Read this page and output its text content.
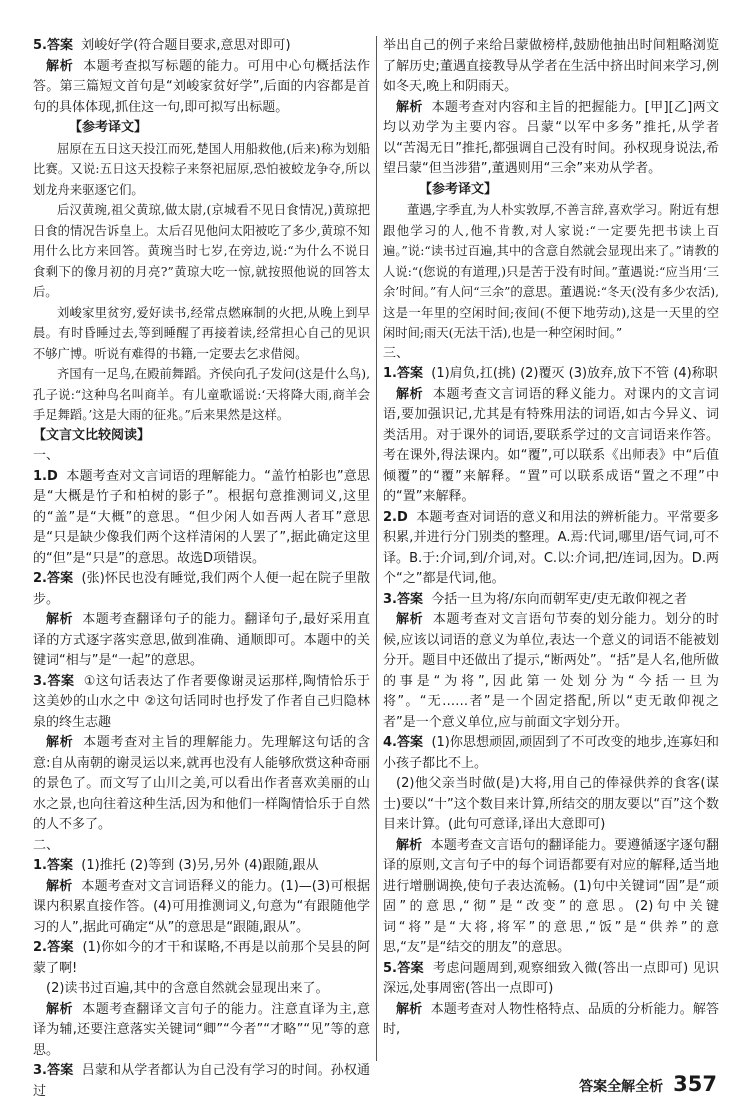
5.答案 刘峻好学(符合题目要求,意思对即可)
解析 本题考查拟写标题的能力。可用中心句概括法作答。第三篇短文首句是“刘峻家贫好学”,后面的内容都是首句的具体体现,抓住这一句,即可拟写出标题。
【参考译文】
屈原在五日这天投江而死,楚国人用船救他,(后来)称为划船比赛。又说:五日这天投粽子来祭祀屈原,恐怕被蛟龙争夺,所以划龙舟来驱逐它们。
后汉黄琬,祖父黄琼,做太尉,(京城看不见日食情况,)黄琼把日食的情况告诉皇上。太后召见他问太阳被吃了多少,黄琼不知用什么比方来回答。黄琬当时七岁,在旁边,说:“为什么不说日食剩下的像月初的月亮?”黄琼大吃一惊,就按照他说的回答太后。
刘峻家里贫穷,爱好读书,经常点燃麻制的火把,从晚上到早晨。有时昏睡过去,等到睡醒了再接着读,经常担心自己的见识不够广博。听说有难得的书籍,一定要去乞求借阅。
齐国有一足鸟,在殿前舞蹈。齐侯向孔子发问(这是什么鸟),孔子说:“这种鸟名叫商羊。有儿童歌谣说:‘天将降大雨,商羊会手足舞蹈。’这是大雨的征兆。”后来果然是这样。
【文言文比较阅读】
一、
1.D 本题考查对文言词语的理解能力。“盖竹柏影也”意思是“大概是竹子和柏树的影子”。根据句意推测词义,这里的“盖”是“大概”的意思。“但少闲人如吾两人者耳”意思是“只是缺少像我们两个这样清闲的人罢了”,据此确定这里的“但”是“只是”的意思。故选D项错误。
2.答案 (张)怀民也没有睡觉,我们两个人便一起在院子里散步。
解析 本题考查翻译句子的能力。翻译句子,最好采用直译的方式逐字落实意思,做到准确、通顺即可。本题中的关键词“相与”是“一起”的意思。
3.答案 ①这句话表达了作者要像谢灵运那样,陶情恰乐于这美妙的山水之中 ②这句话同时也抒发了作者自己归隐林泉的终生志趣
解析 本题考查对主旨的理解能力。先理解这句话的含意:自从南朝的谢灵运以来,就再也没有人能够欣赏这种奇丽的景色了。而文写了山川之美,可以看出作者喜欢美丽的山水之景,也向往着这种生活,因为和他们一样陶情恰乐于自然的人不多了。
二、
1.答案 (1)推托 (2)等到 (3)另,另外 (4)跟随,跟从
解析 本题考查对文言词语释义的能力。(1)—(3)可根据课内积累直接作答。(4)可用推测词义,句意为“有跟随他学习的人”,据此可确定“从”的意思是“跟随,跟从”。
2.答案 (1)你如今的才干和谋略,不再是以前那个吴县的阿蒙了啊!
(2)读书过百遍,其中的含意自然就会显现出来了。
解析 本题考查翻译文言句子的能力。注意直译为主,意译为辅,还要注意落实关键词“卿”“今者”“才略”“见”等的意思。
3.答案 吕蒙和从学者都认为自己没有学习的时间。孙权通过
举出自己的例子来给吕蒙做榜样,鼓励他抽出时间粗略浏览了解历史;董遇直接教导从学者在生活中挤出时间来学习,例如冬天,晚上和阴雨天。
解析 本题考查对内容和主旨的把握能力。[甲][乙]两文均以劝学为主要内容。吕蒙“以军中多务”推托,从学者以“苦渴无日”推托,都强调自己没有时间。孙权现身说法,希望吕蒙“但当涉猎”,董遇则用“三余”来劝从学者。
【参考译文】
董遇,字季直,为人朴实敦厚,不善言辞,喜欢学习。附近有想跟他学习的人,他不肯教,对人家说:“一定要先把书读上百遍。”说:“读书过百遍,其中的含意自然就会显现出来了。”请教的人说:“(您说的有道理,)只是苦于没有时间。”董遇说:“应当用‘三余’时间。”有人问“三余”的意思。董遇说:“冬天(没有多少农活),这是一年里的空闲时间;夜间(不便下地劳动),这是一天里的空闲时间;雨天(无法干活),也是一种空闲时间。”
三、
1.答案 (1)肩负,扛(挑) (2)覆灭 (3)放弃,放下不管 (4)称职
解析 本题考查文言词语的释义能力。对课内的文言词语,要加强识记,尤其是有特殊用法的词语,如古今异义、词类活用。对于课外的词语,要联系学过的文言词语来作答。考在课外,得法课内。如“覆”,可以联系《出师表》中“后值倾覆”的“覆”来解释。“置”可以联系成语“置之不理”中的“置”来解释。
2.D 本题考查对词语的意义和用法的辨析能力。平常要多积累,并进行分门别类的整理。A.焉:代词,哪里/语气词,可不译。B.于:介词,到/介词,对。C.以:介词,把/连词,因为。D.两个“之”都是代词,他。
3.答案 今括一旦为将/东向而朝军吏/吏无敢仰视之者
解析 本题考查对文言语句节奏的划分能力。划分的时候,应该以词语的意义为单位,表达一个意义的词语不能被划分开。题目中还做出了提示,“断两处”。“括”是人名,他所做的事是“为将”,因此第一处划分为“今括一旦为将”。“无……者”是一个固定搭配,所以“吏无敢仰视之者”是一个意义单位,应与前面文字划分开。
4.答案 (1)你思想顽固,顽固到了不可改变的地步,连寡妇和小孩子都比不上。
(2)他父亲当时做(是)大将,用自己的俸禄供养的食客(谋士)要以“十”这个数目来计算,所结交的朋友要以“百”这个数目来计算。(此句可意译,译出大意即可)
解析 本题考查文言语句的翻译能力。要遵循逐字逐句翻译的原则,文言句子中的每个词语都要有对应的解释,适当地进行增删调换,使句子表达流畅。(1)句中关键词“固”是“顽固”的意思,“彻”是“改变”的意思。(2)句中关键词“将”是“大将,将军”的意思,“饭”是“供养”的意思,“友”是“结交的朋友”的意思。
5.答案 考虑问题周到,观察细致入微(答出一点即可) 见识深远,处事周密(答出一点即可)
解析 本题考查对人物性格特点、品质的分析能力。解答时,
答案全解全析 357
